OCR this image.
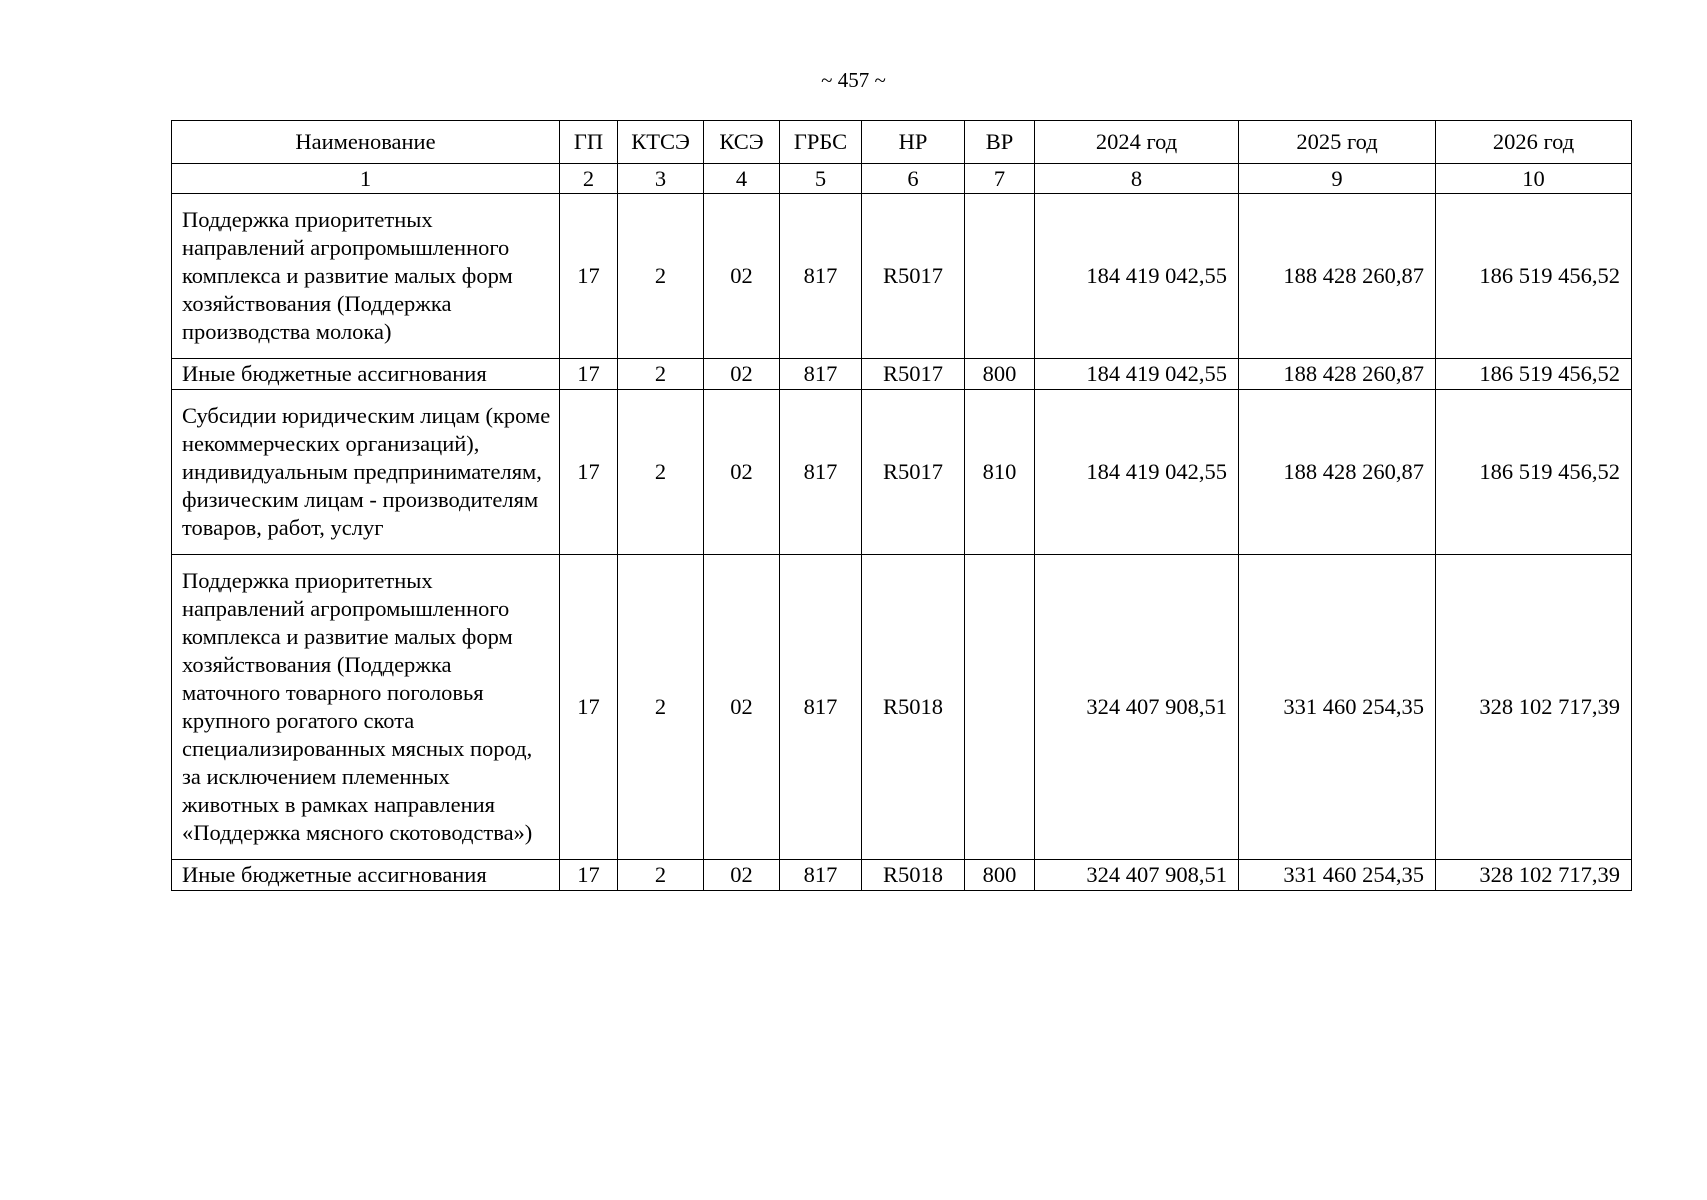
~ 457 ~
Наименование	ГП	КТСЭ	КСЭ	ГРБС	НР	ВР	2024 год	2025 год	2026 год
1	2	3	4	5	6	7	8	9	10
Поддержка приоритетных направлений агропромышленного комплекса и развитие малых форм хозяйствования (Поддержка производства молока)	17	2	02	817	R5017		184 419 042,55	188 428 260,87	186 519 456,52
Иные бюджетные ассигнования	17	2	02	817	R5017	800	184 419 042,55	188 428 260,87	186 519 456,52
Субсидии юридическим лицам (кроме некоммерческих организаций), индивидуальным предпринимателям, физическим лицам - производителям товаров, работ, услуг	17	2	02	817	R5017	810	184 419 042,55	188 428 260,87	186 519 456,52
Поддержка приоритетных направлений агропромышленного комплекса и развитие малых форм хозяйствования (Поддержка маточного товарного поголовья крупного рогатого скота специализированных мясных пород, за исключением племенных животных в рамках направления «Поддержка мясного скотоводства»)	17	2	02	817	R5018		324 407 908,51	331 460 254,35	328 102 717,39
Иные бюджетные ассигнования	17	2	02	817	R5018	800	324 407 908,51	331 460 254,35	328 102 717,39
